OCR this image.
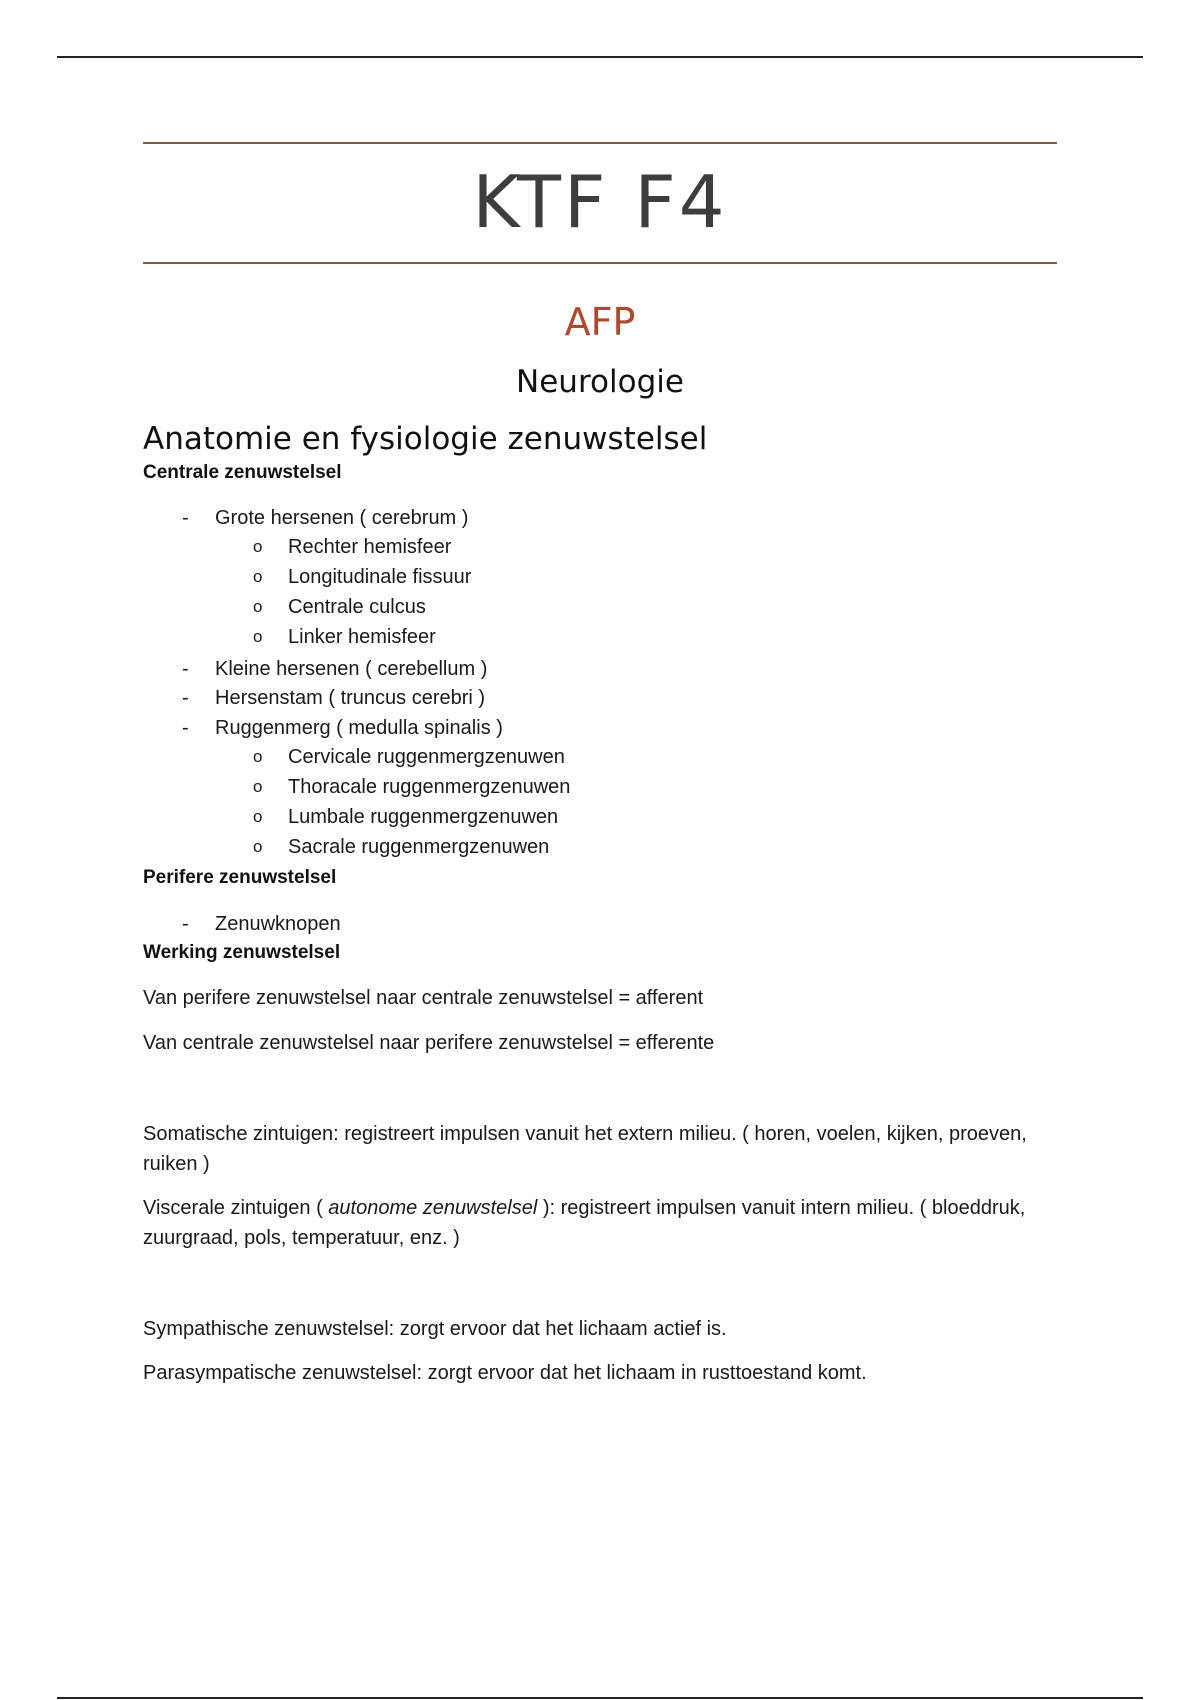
KTF F4
AFP
Neurologie
Anatomie en fysiologie zenuwstelsel
Centrale zenuwstelsel
- Grote hersenen ( cerebrum )
o Rechter hemisfeer
o Longitudinale fissuur
o Centrale culcus
o Linker hemisfeer
- Kleine hersenen ( cerebellum )
- Hersenstam ( truncus cerebri )
- Ruggenmerg ( medulla spinalis )
o Cervicale ruggenmergzenuwen
o Thoracale ruggenmergzenuwen
o Lumbale ruggenmergzenuwen
o Sacrale ruggenmergzenuwen
Perifere zenuwstelsel
- Zenuwknopen
Werking zenuwstelsel
Van perifere zenuwstelsel naar centrale zenuwstelsel = afferent
Van centrale zenuwstelsel naar perifere zenuwstelsel = efferente
Somatische zintuigen: registreert impulsen vanuit het extern milieu. ( horen, voelen, kijken, proeven, ruiken )
Viscerale zintuigen ( autonome zenuwstelsel ): registreert impulsen vanuit intern milieu. ( bloeddruk, zuurgraad, pols, temperatuur, enz. )
Sympathische zenuwstelsel: zorgt ervoor dat het lichaam actief is.
Parasympatische zenuwstelsel: zorgt ervoor dat het lichaam in rusttoestand komt.
